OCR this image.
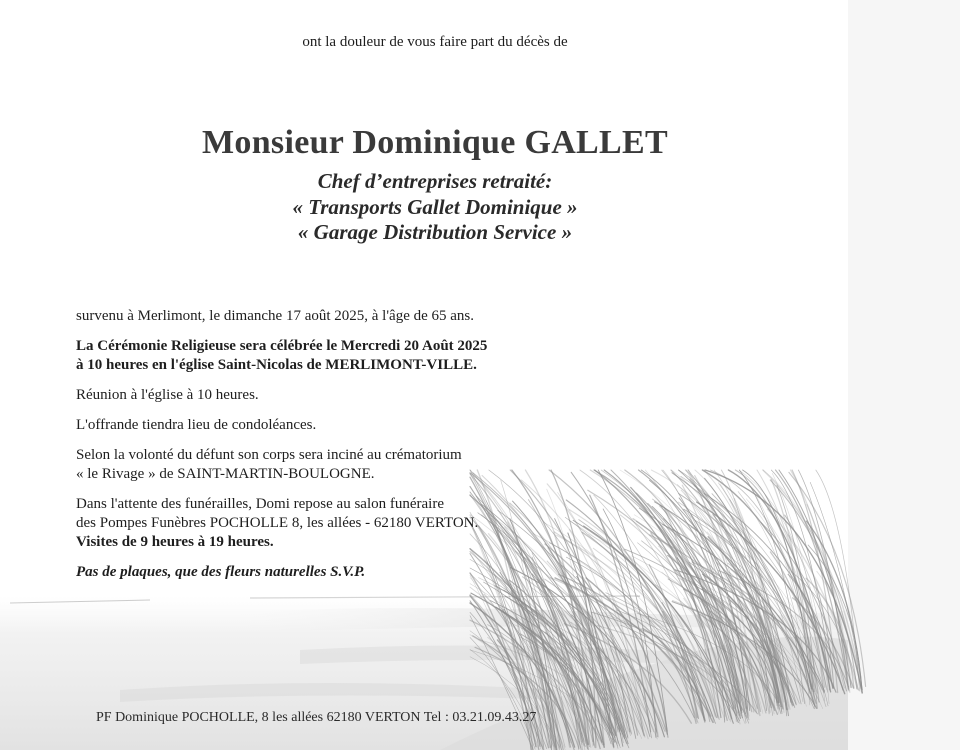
ont la douleur de vous faire part du décès de
Monsieur Dominique GALLET
Chef d’entreprises retraité:
« Transports Gallet Dominique »
« Garage Distribution Service »

survenu à Merlimont, le dimanche 17 août 2025, à l'âge de 65 ans.

La Cérémonie Religieuse sera célébrée le Mercredi 20 Août 2025

à 10 heures en l'église Saint-Nicolas de MERLIMONT-VILLE.

Réunion à l'église à 10 heures.

L'offrande tiendra lieu de condoléances.

Selon la volonté du défunt son corps sera inciné au crématorium

« le Rivage » de SAINT-MARTIN-BOULOGNE.

Dans l'attente des funérailles, Domi repose au salon funéraire

des Pompes Funèbres POCHOLLE 8, les allées - 62180 VERTON.

Visites de 9 heures à 19 heures.

Pas de plaques, que des fleurs naturelles S.V.P.

PF Dominique POCHOLLE, 8 les allées 62180 VERTON Tel : 03.21.09.43.27
